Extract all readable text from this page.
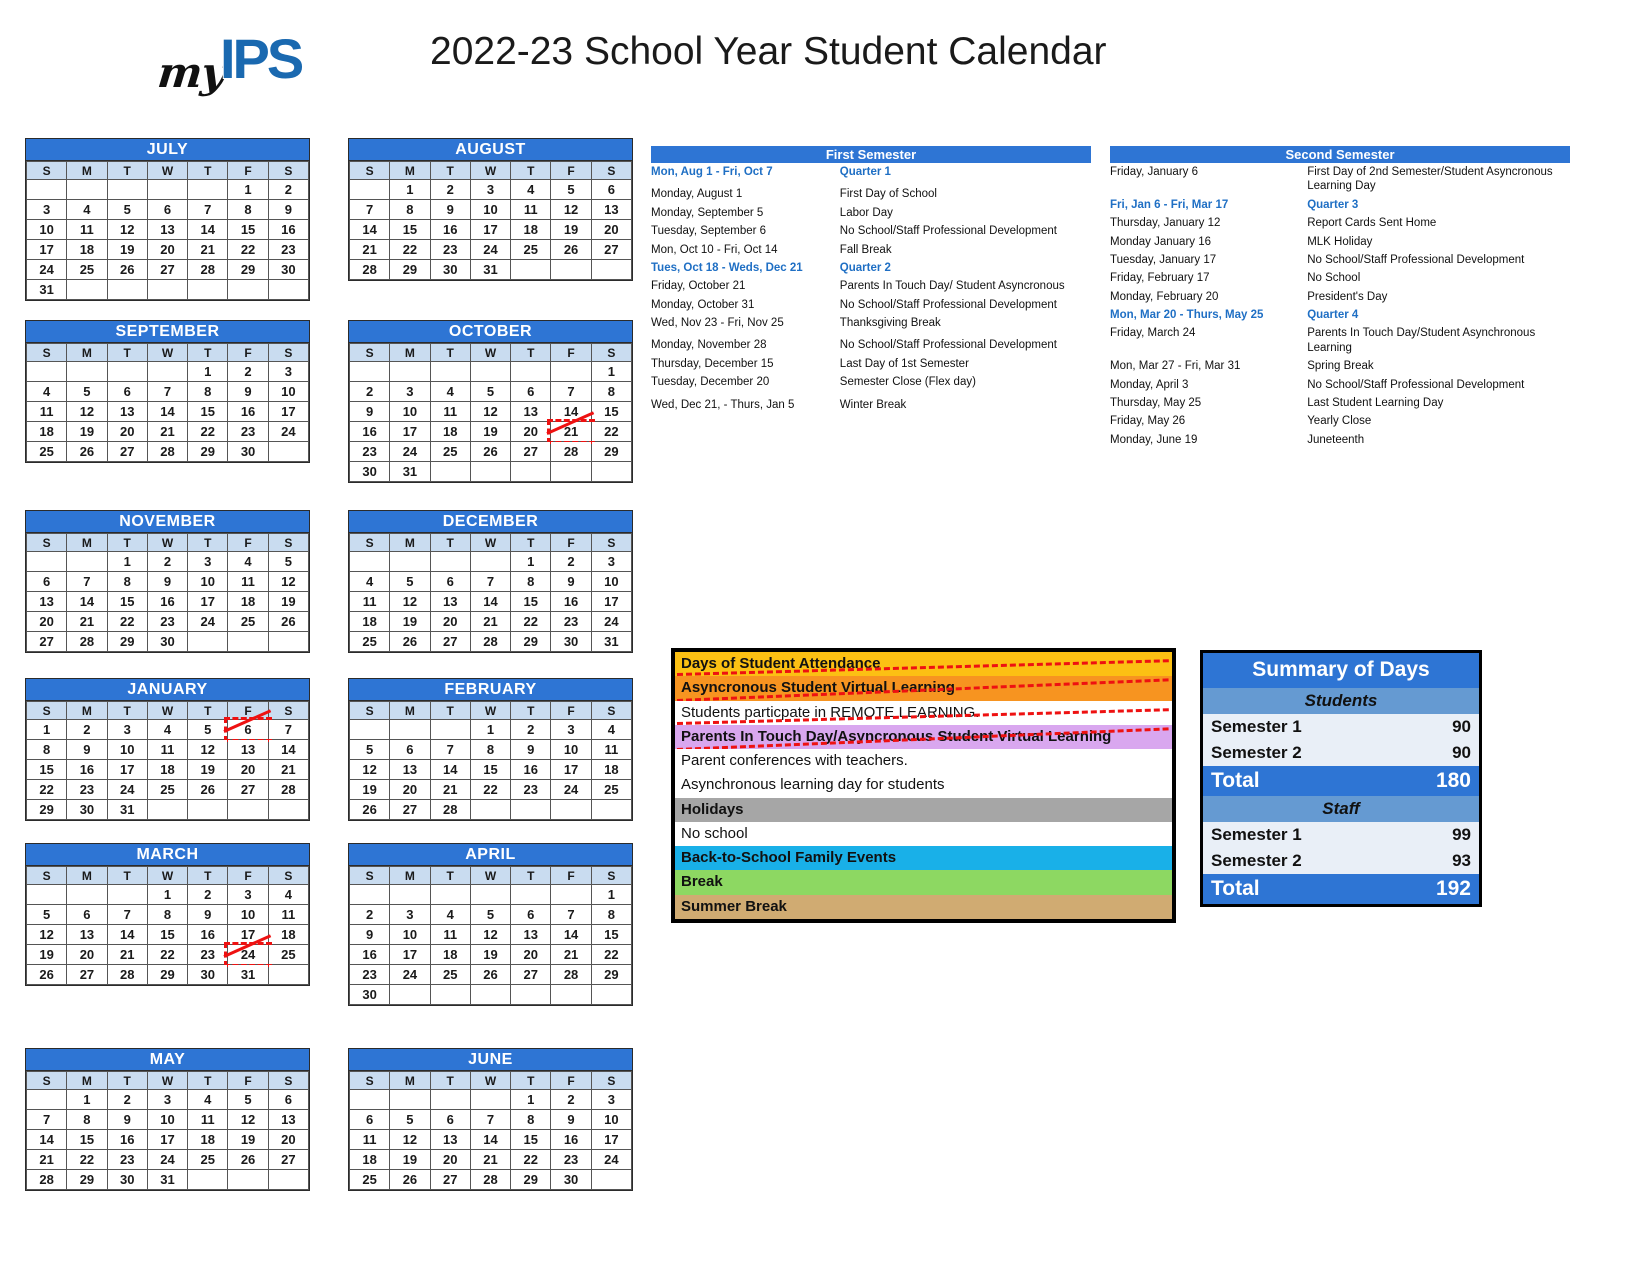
my
IPS	2022-23 School Year Student Calendar
JULY
S	M	T	W	T	F	S
					1	2
3	4	5	6	7	8	9
10	11	12	13	14	15	16
17	18	19	20	21	22	23
24	25	26	27	28	29	30
31						
AUGUST
S	M	T	W	T	F	S
	1	2	3	4	5	6
7	8	9	10	11	12	13
14	15	16	17	18	19	20
21	22	23	24	25	26	27
28	29	30	31			
SEPTEMBER
S	M	T	W	T	F	S
				1	2	3
4	5	6	7	8	9	10
11	12	13	14	15	16	17
18	19	20	21	22	23	24
25	26	27	28	29	30	
OCTOBER
S	M	T	W	T	F	S
						1
2	3	4	5	6	7	8
9	10	11	12	13	14	15
16	17	18	19	20	21	22
23	24	25	26	27	28	29
30	31					
NOVEMBER
S	M	T	W	T	F	S
		1	2	3	4	5
6	7	8	9	10	11	12
13	14	15	16	17	18	19
20	21	22	23	24	25	26
27	28	29	30			
DECEMBER
S	M	T	W	T	F	S
				1	2	3
4	5	6	7	8	9	10
11	12	13	14	15	16	17
18	19	20	21	22	23	24
25	26	27	28	29	30	31
JANUARY
S	M	T	W	T	F	S
1	2	3	4	5	6	7
8	9	10	11	12	13	14
15	16	17	18	19	20	21
22	23	24	25	26	27	28
29	30	31				
FEBRUARY
S	M	T	W	T	F	S
			1	2	3	4
5	6	7	8	9	10	11
12	13	14	15	16	17	18
19	20	21	22	23	24	25
26	27	28				
MARCH
S	M	T	W	T	F	S
			1	2	3	4
5	6	7	8	9	10	11
12	13	14	15	16	17	18
19	20	21	22	23	24	25
26	27	28	29	30	31	
APRIL
S	M	T	W	T	F	S
						1
2	3	4	5	6	7	8
9	10	11	12	13	14	15
16	17	18	19	20	21	22
23	24	25	26	27	28	29
30						
MAY
S	M	T	W	T	F	S
	1	2	3	4	5	6
7	8	9	10	11	12	13
14	15	16	17	18	19	20
21	22	23	24	25	26	27
28	29	30	31			
JUNE
S	M	T	W	T	F	S
				1	2	3
6	5	6	7	8	9	10
11	12	13	14	15	16	17
18	19	20	21	22	23	24
25	26	27	28	29	30	
First Semester
Mon, Aug 1 - Fri, Oct 7	Quarter 1

Monday, August 1	First Day of School
Monday, September 5	Labor Day
Tuesday, September 6	No School/Staff Professional Development
Mon, Oct 10 - Fri, Oct 14	Fall Break
Tues, Oct 18 - Weds, Dec 21	Quarter 2
Friday, October 21	Parents In Touch Day/ Student Asyncronous
Monday, October 31	No School/Staff Professional Development
Wed, Nov 23 - Fri, Nov 25	Thanksgiving Break

Monday, November 28	No School/Staff Professional Development
Thursday, December 15	Last Day of 1st Semester
Tuesday, December 20	Semester Close (Flex day)

Wed, Dec 21, - Thurs, Jan 5	Winter Break
Second Semester
Friday, January 6	First Day of 2nd Semester/Student Asyncronous Learning Day
Fri, Jan 6 - Fri, Mar 17	Quarter 3
Thursday, January 12	Report Cards Sent Home
Monday January 16	MLK Holiday
Tuesday, January 17	No School/Staff Professional Development
Friday, February 17	No School
Monday, February 20	President's Day
Mon, Mar 20 - Thurs, May 25	Quarter 4
Friday, March 24	Parents In Touch Day/Student Asynchronous Learning
Mon, Mar 27 - Fri, Mar 31	Spring Break
Monday, April 3	No School/Staff Professional Development
Thursday, May 25	Last Student Learning Day
Friday, May 26	Yearly Close
Monday, June 19	Juneteenth
Days of Student Attendance
Asyncronous Student Virtual Learning
Students particpate in REMOTE LEARNING.
Parents In Touch Day/Asyncronous Student Virtual Learning
Parent conferences with teachers.
Asynchronous learning day for students
Holidays
No school
Back-to-School Family Events
Break
Summer Break
Summary of Days
Students	
Semester 1	90
Semester 2	90
Total	180
Staff	
Semester 1	99
Semester 2	93
Total	192
